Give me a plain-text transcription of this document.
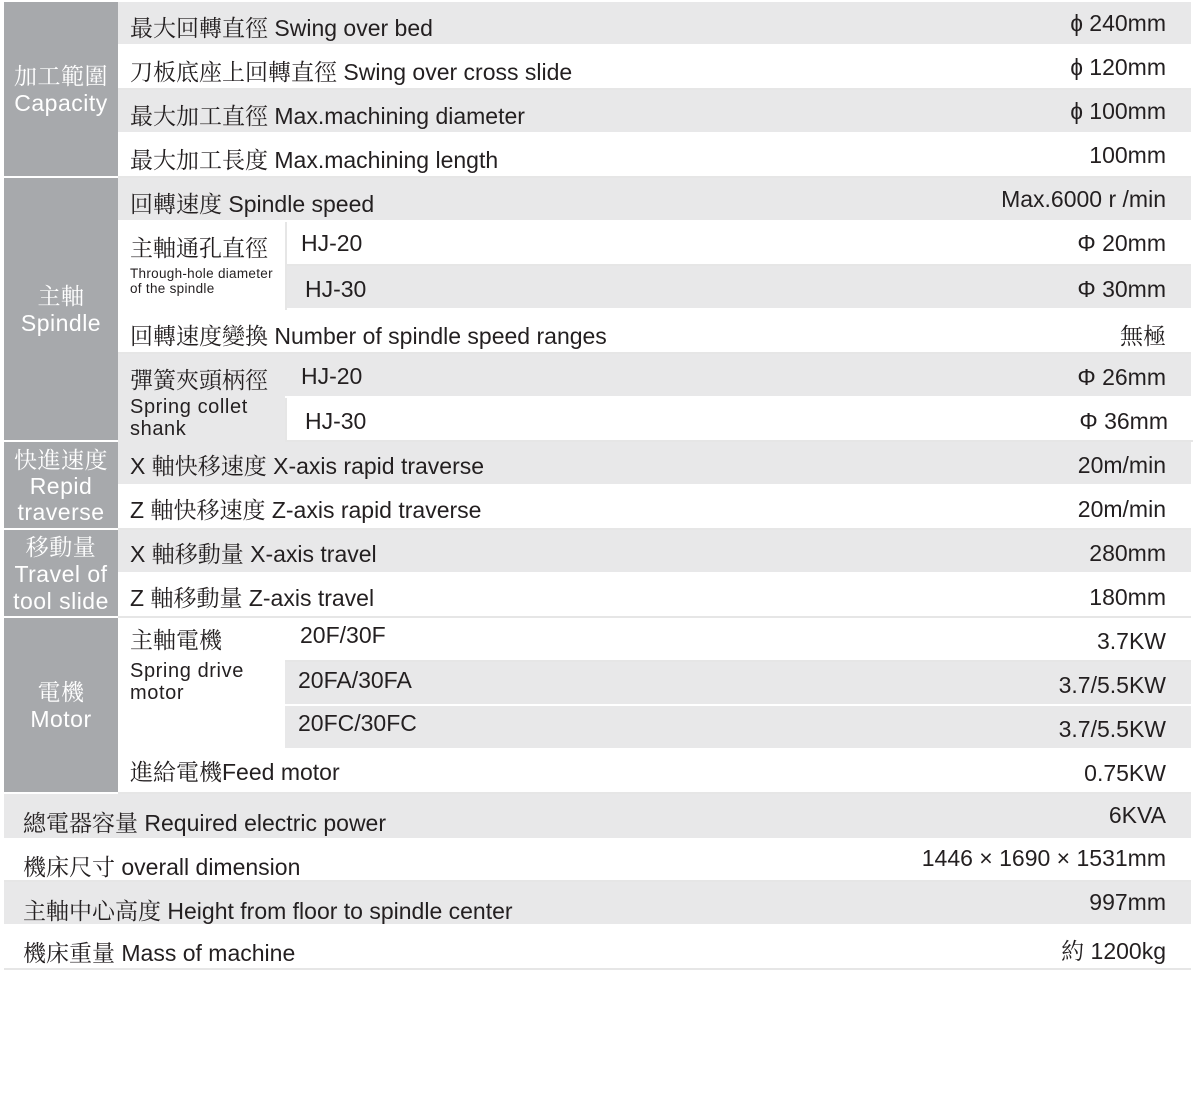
加工範圍
Capacity
最大回轉直徑 Swing over bed	ɸ 240mm
刀板底座上回轉直徑 Swing over cross slide	ɸ 120mm
最大加工直徑 Max.machining diameter	ɸ 100mm
最大加工長度 Max.machining length	100mm
主軸
Spindle
回轉速度 Spindle speed	Max.6000 r /min
主軸通孔直徑
Through-hole diameter
of the spindle
HJ-20	Φ 20mm
HJ-30	Φ 30mm
回轉速度變換 Number of spindle speed ranges	無極
彈簧夾頭柄徑
Spring collet
shank
HJ-20	Φ 26mm
HJ-30	Φ 36mm
快進速度
Repid
traverse
X 軸快移速度 X-axis rapid traverse	20m/min
Z 軸快移速度 Z-axis rapid traverse	20m/min
移動量
Travel of
tool slide
X 軸移動量 X-axis travel	280mm
Z 軸移動量 Z-axis travel	180mm
電機
Motor
主軸電機
Spring drive
motor
20F/30F	3.7KW
20FA/30FA	3.7/5.5KW
20FC/30FC	3.7/5.5KW
進給電機Feed motor	0.75KW
總電器容量 Required electric power	6KVA
機床尺寸 overall dimension	1446 × 1690 × 1531mm
主軸中心高度 Height from floor to spindle center	997mm
機床重量 Mass of machine	約 1200kg
